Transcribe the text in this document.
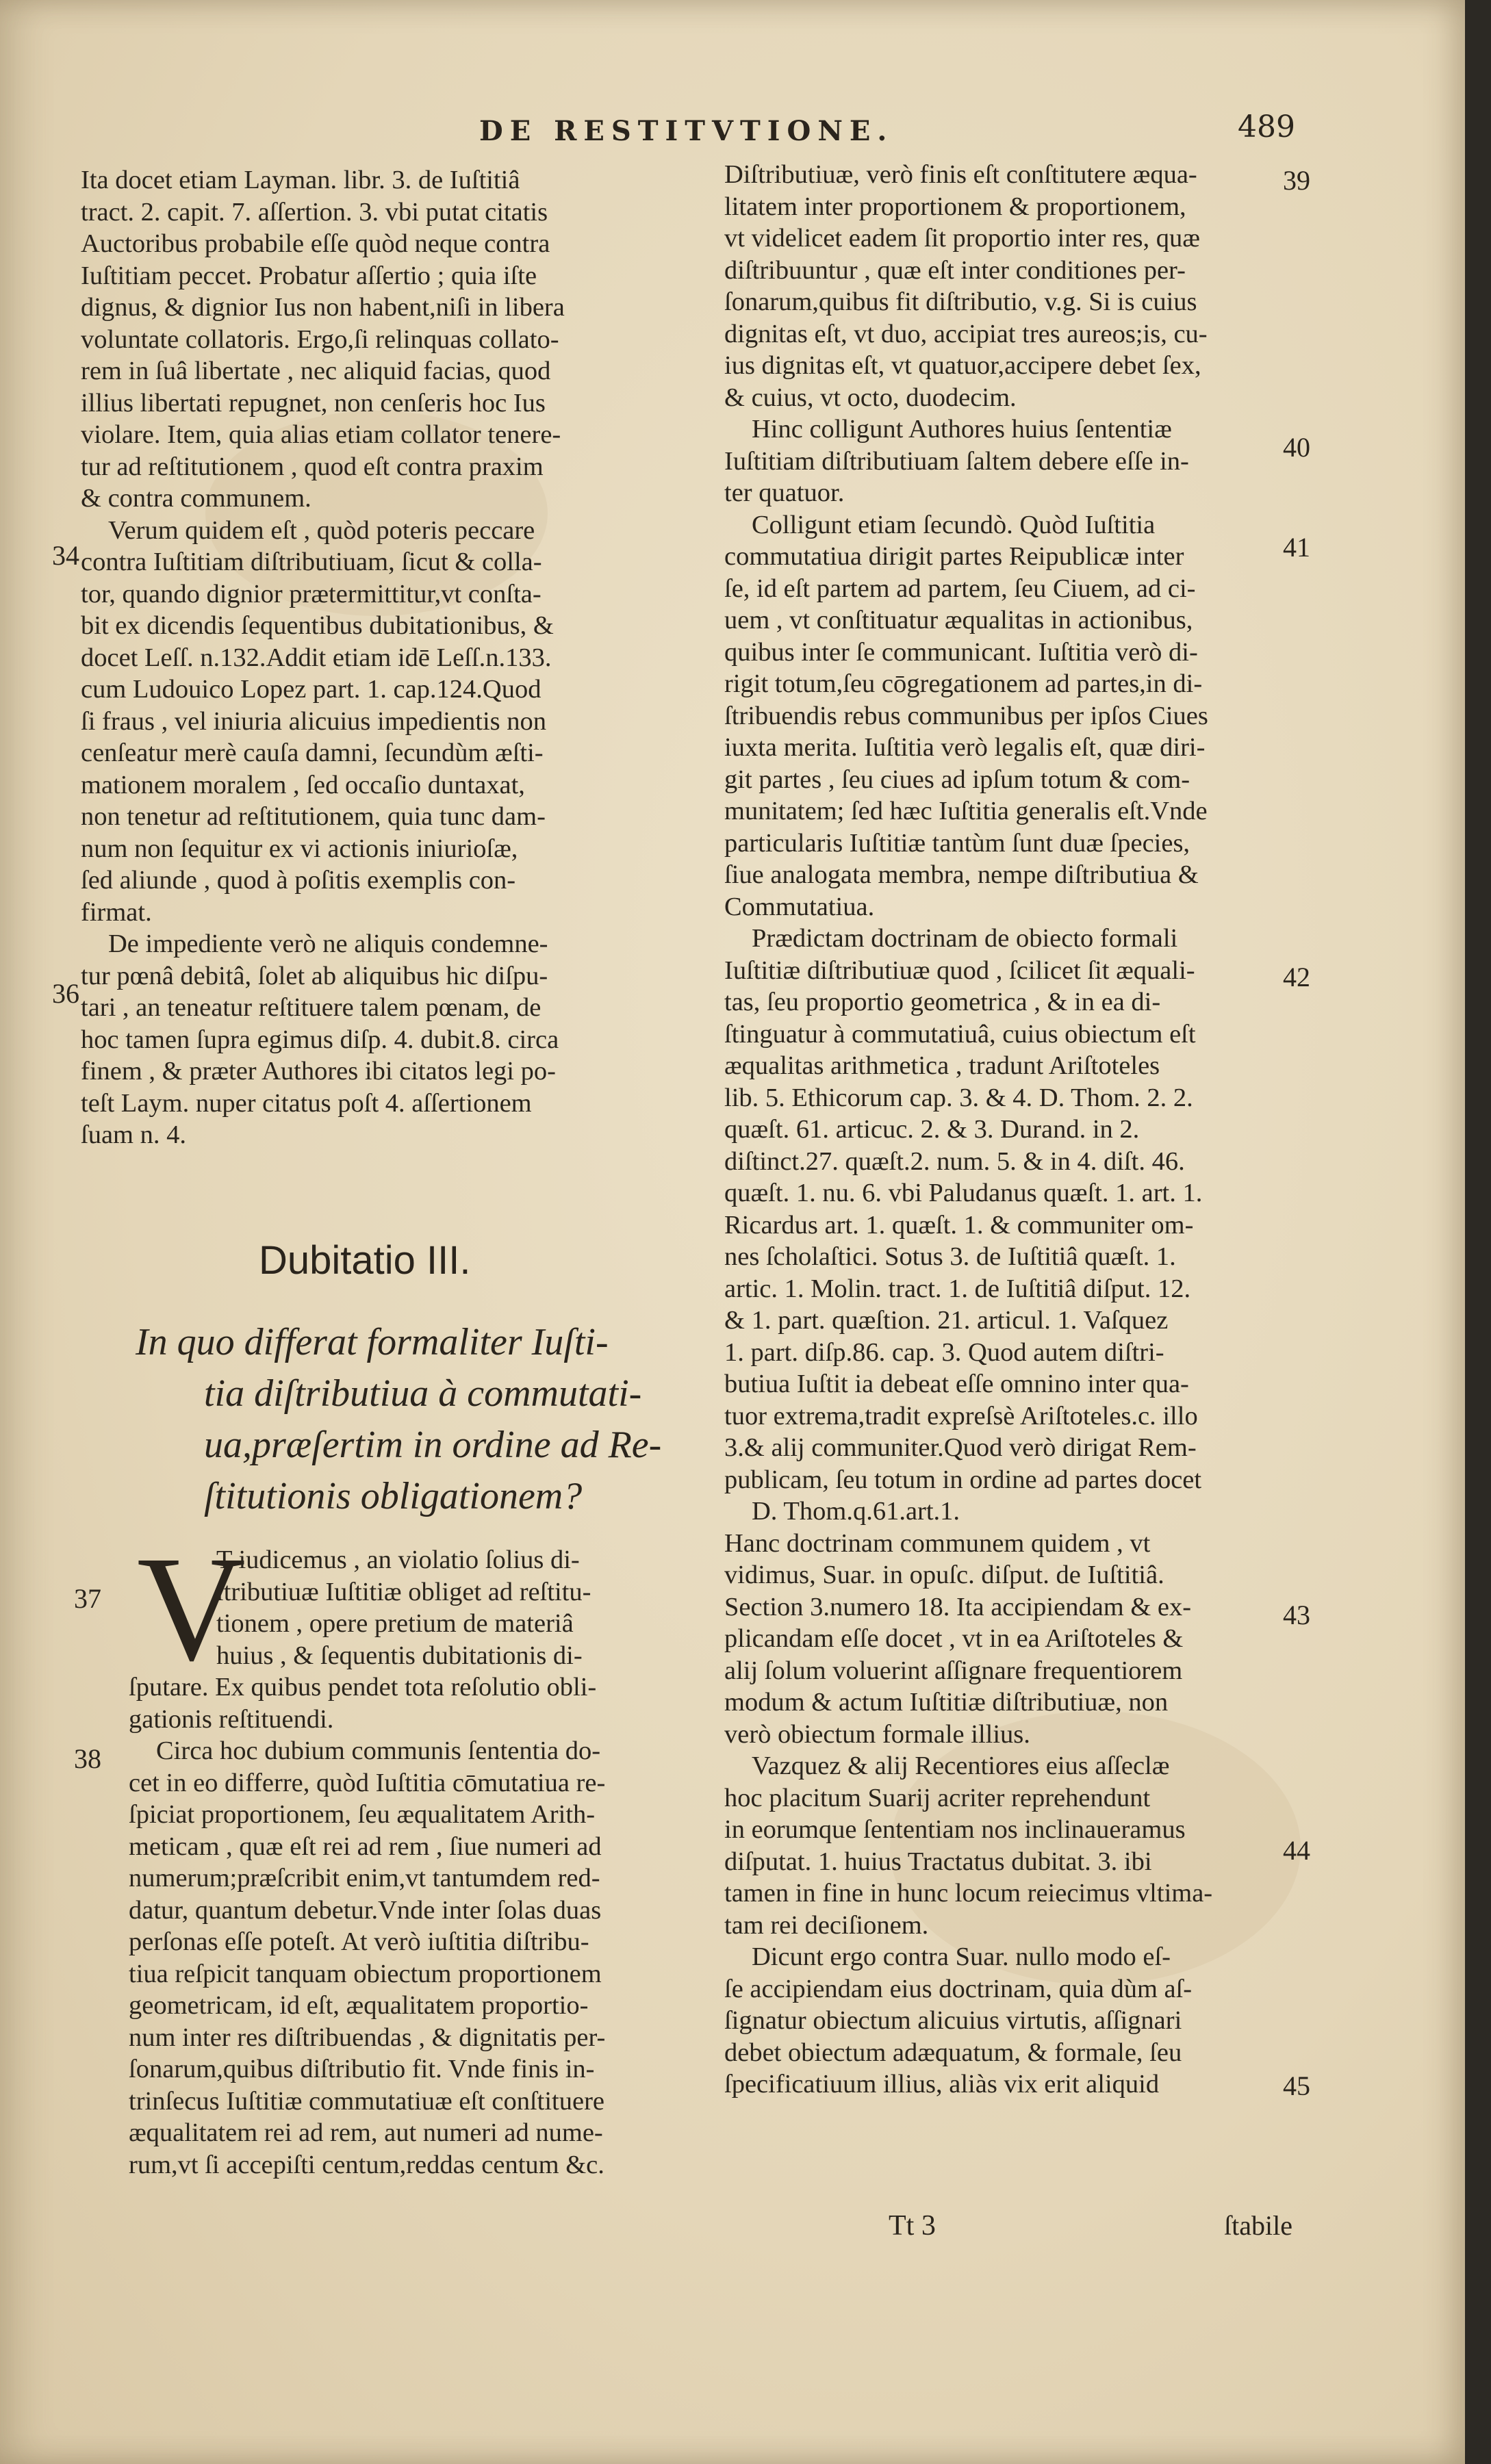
DE RESTITVTIONE.	489
Ita docet etiam Layman. libr. 3. de Iuſtitiâ
tract. 2. capit. 7. aſſertion. 3. vbi putat citatis
Auctoribus probabile eſſe quòd neque contra
Iuſtitiam peccet. Probatur aſſertio ; quia iſte
dignus, & dignior Ius non habent,niſi in libera
voluntate collatoris. Ergo,ſi relinquas collato-
rem in ſuâ libertate , nec aliquid facias, quod
illius libertati repugnet, non cenſeris hoc Ius
violare. Item, quia alias etiam collator tenere-
tur ad reſtitutionem , quod eſt contra praxim
& contra communem.
Verum quidem eſt , quòd poteris peccare
contra Iuſtitiam diſtributiuam, ſicut & colla-
tor, quando dignior prætermittitur,vt conſta-
bit ex dicendis ſequentibus dubitationibus, &
docet Leſſ. n.132.Addit etiam idē Leſſ.n.133.
cum Ludouico Lopez part. 1. cap.124.Quod
ſi fraus , vel iniuria alicuius impedientis non
cenſeatur merè cauſa damni, ſecundùm æſti-
mationem moralem , ſed occaſio duntaxat,
non tenetur ad reſtitutionem, quia tunc dam-
num non ſequitur ex vi actionis iniurioſæ,
ſed aliunde , quod à poſitis exemplis con-
firmat.
De impediente verò ne aliquis condemne-
tur pœnâ debitâ, ſolet ab aliquibus hic diſpu-
tari , an teneatur reſtituere talem pœnam, de
hoc tamen ſupra egimus diſp. 4. dubit.8. circa
finem , & præter Authores ibi citatos legi po-
teſt Laym. nuper citatus poſt 4. aſſertionem
ſuam n. 4.
34
36
37
38
39
40
41
42
43
44
45
Dubitatio III.
In quo differat formaliter Iuſti-
tia diſtributiua à commutati-
ua,præſertim in ordine ad Re-
ſtitutionis obligationem?
V
T iudicemus , an violatio ſolius di-
ſtributiuæ Iuſtitiæ obliget ad reſtitu-
tionem , opere pretium de materiâ
huius , & ſequentis dubitationis di-
ſputare. Ex quibus pendet tota reſolutio obli-
gationis reſtituendi.
Circa hoc dubium communis ſententia do-
cet in eo differre, quòd Iuſtitia cōmutatiua re-
ſpiciat proportionem, ſeu æqualitatem Arith-
meticam , quæ eſt rei ad rem , ſiue numeri ad
numerum;præſcribit enim,vt tantumdem red-
datur, quantum debetur.Vnde inter ſolas duas
perſonas eſſe poteſt. At verò iuſtitia diſtribu-
tiua reſpicit tanquam obiectum proportionem
geometricam, id eſt, æqualitatem proportio-
num inter res diſtribuendas , & dignitatis per-
ſonarum,quibus diſtributio fit. Vnde finis in-
trinſecus Iuſtitiæ commutatiuæ eſt conſtituere
æqualitatem rei ad rem, aut numeri ad nume-
rum,vt ſi accepiſti centum,reddas centum &c.
Diſtributiuæ, verò finis eſt conſtitutere æqua-
litatem inter proportionem & proportionem,
vt videlicet eadem ſit proportio inter res, quæ
diſtribuuntur , quæ eſt inter conditiones per-
ſonarum,quibus fit diſtributio, v.g. Si is cuius
dignitas eſt, vt duo, accipiat tres aureos;is, cu-
ius dignitas eſt, vt quatuor,accipere debet ſex,
& cuius, vt octo, duodecim.
Hinc colligunt Authores huius ſententiæ
Iuſtitiam diſtributiuam ſaltem debere eſſe in-
ter quatuor.
Colligunt etiam ſecundò. Quòd Iuſtitia
commutatiua dirigit partes Reipublicæ inter
ſe, id eſt partem ad partem, ſeu Ciuem, ad ci-
uem , vt conſtituatur æqualitas in actionibus,
quibus inter ſe communicant. Iuſtitia verò di-
rigit totum,ſeu cōgregationem ad partes,in di-
ſtribuendis rebus communibus per ipſos Ciues
iuxta merita. Iuſtitia verò legalis eſt, quæ diri-
git partes , ſeu ciues ad ipſum totum & com-
munitatem; ſed hæc Iuſtitia generalis eſt.Vnde
particularis Iuſtitiæ tantùm ſunt duæ ſpecies,
ſiue analogata membra, nempe diſtributiua &
Commutatiua.
Prædictam doctrinam de obiecto formali
Iuſtitiæ diſtributiuæ quod , ſcilicet ſit æquali-
tas, ſeu proportio geometrica , & in ea di-
ſtinguatur à commutatiuâ, cuius obiectum eſt
æqualitas arithmetica , tradunt Ariſtoteles
lib. 5. Ethicorum cap. 3. & 4. D. Thom. 2. 2.
quæſt. 61. articuc. 2. & 3. Durand. in 2.
diſtinct.27. quæſt.2. num. 5. & in 4. diſt. 46.
quæſt. 1. nu. 6. vbi Paludanus quæſt. 1. art. 1.
Ricardus art. 1. quæſt. 1. & communiter om-
nes ſcholaſtici. Sotus 3. de Iuſtitiâ quæſt. 1.
artic. 1. Molin. tract. 1. de Iuſtitiâ diſput. 12.
& 1. part. quæſtion. 21. articul. 1. Vaſquez
1. part. diſp.86. cap. 3. Quod autem diſtri-
butiua Iuſtit ia debeat eſſe omnino inter qua-
tuor extrema,tradit expreſsè Ariſtoteles.c. illo
3.& alij communiter.Quod verò dirigat Rem-
publicam, ſeu totum in ordine ad partes docet
D. Thom.q.61.art.1.
Hanc doctrinam communem quidem , vt
vidimus, Suar. in opuſc. diſput. de Iuſtitiâ.
Section 3.numero 18. Ita accipiendam & ex-
plicandam eſſe docet , vt in ea Ariſtoteles &
alij ſolum voluerint aſſignare frequentiorem
modum & actum Iuſtitiæ diſtributiuæ, non
verò obiectum formale illius.
Vazquez & alij Recentiores eius aſſeclæ
hoc placitum Suarij acriter reprehendunt
in eorumque ſententiam nos inclinaueramus
diſputat. 1. huius Tractatus dubitat. 3. ibi
tamen in fine in hunc locum reiecimus vltima-
tam rei deciſionem.
Dicunt ergo contra Suar. nullo modo eſ-
ſe accipiendam eius doctrinam, quia dùm aſ-
ſignatur obiectum alicuius virtutis, aſſignari
debet obiectum adæquatum, & formale, ſeu
ſpecificatiuum illius, aliàs vix erit aliquid
Tt 3	ſtabile
